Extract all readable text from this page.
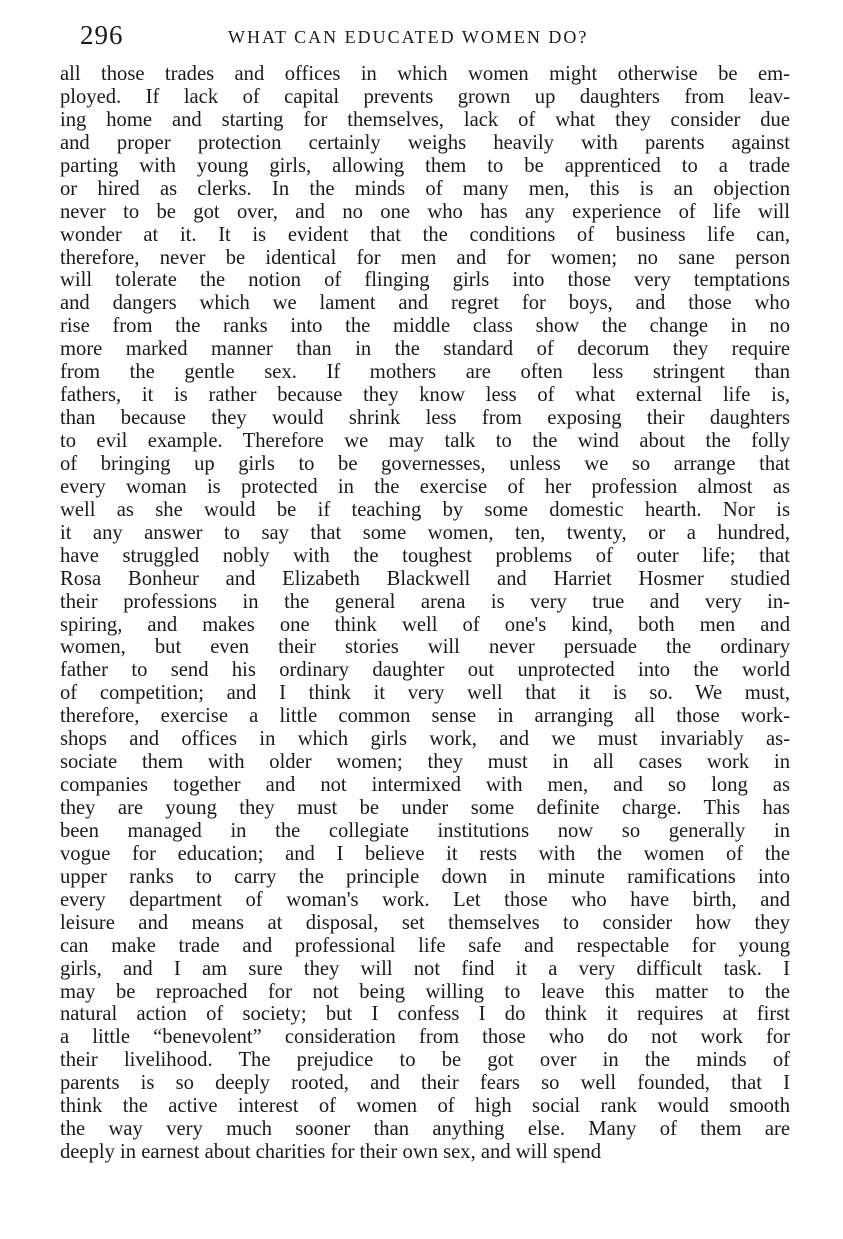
296	WHAT CAN EDUCATED WOMEN DO?
all those trades and offices in which women might otherwise be em-
ployed. If lack of capital prevents grown up daughters from leav-
ing home and starting for themselves, lack of what they consider due
and proper protection certainly weighs heavily with parents against
parting with young girls, allowing them to be apprenticed to a trade
or hired as clerks. In the minds of many men, this is an objection
never to be got over, and no one who has any experience of life will
wonder at it. It is evident that the conditions of business life can,
therefore, never be identical for men and for women; no sane person
will tolerate the notion of flinging girls into those very temptations
and dangers which we lament and regret for boys, and those who
rise from the ranks into the middle class show the change in no
more marked manner than in the standard of decorum they require
from the gentle sex. If mothers are often less stringent than
fathers, it is rather because they know less of what external life is,
than because they would shrink less from exposing their daughters
to evil example. Therefore we may talk to the wind about the folly
of bringing up girls to be governesses, unless we so arrange that
every woman is protected in the exercise of her profession almost as
well as she would be if teaching by some domestic hearth. Nor is
it any answer to say that some women, ten, twenty, or a hundred,
have struggled nobly with the toughest problems of outer life; that
Rosa Bonheur and Elizabeth Blackwell and Harriet Hosmer studied
their professions in the general arena is very true and very in-
spiring, and makes one think well of one's kind, both men and
women, but even their stories will never persuade the ordinary
father to send his ordinary daughter out unprotected into the world
of competition; and I think it very well that it is so. We must,
therefore, exercise a little common sense in arranging all those work-
shops and offices in which girls work, and we must invariably as-
sociate them with older women; they must in all cases work in
companies together and not intermixed with men, and so long as
they are young they must be under some definite charge. This has
been managed in the collegiate institutions now so generally in
vogue for education; and I believe it rests with the women of the
upper ranks to carry the principle down in minute ramifications into
every department of woman's work. Let those who have birth, and
leisure and means at disposal, set themselves to consider how they
can make trade and professional life safe and respectable for young
girls, and I am sure they will not find it a very difficult task. I
may be reproached for not being willing to leave this matter to the
natural action of society; but I confess I do think it requires at first
a little “benevolent” consideration from those who do not work for
their livelihood. The prejudice to be got over in the minds of
parents is so deeply rooted, and their fears so well founded, that I
think the active interest of women of high social rank would smooth
the way very much sooner than anything else. Many of them are
deeply in earnest about charities for their own sex, and will spend
